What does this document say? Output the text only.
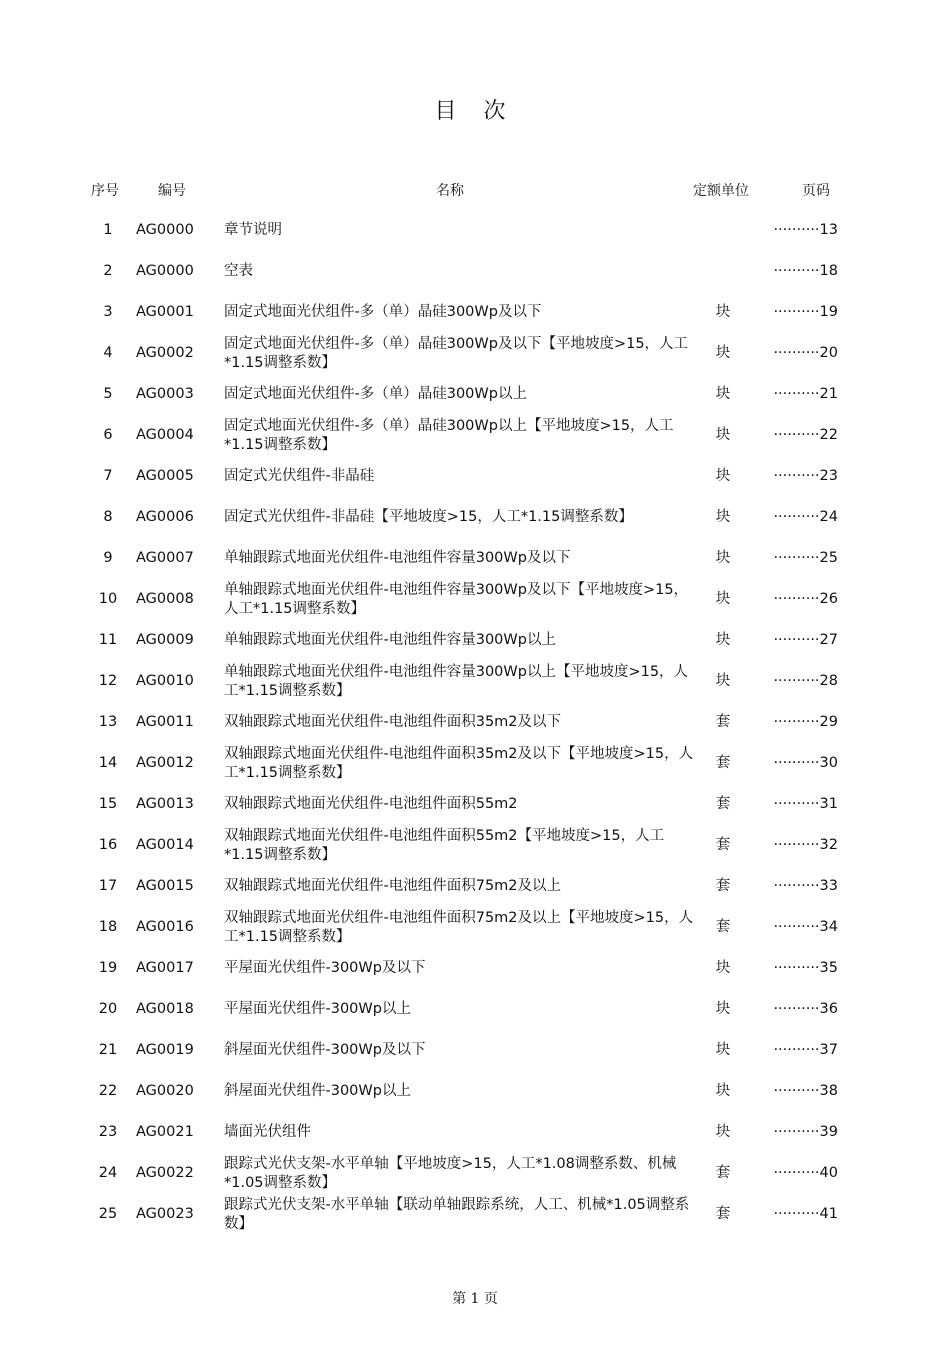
目 次
序号	编号	名称	定额单位	页码
1	AG0000	章节说明		··········13
2	AG0000	空表		··········18
3	AG0001	固定式地面光伏组件-多（单）晶硅300Wp及以下	块	··········19
4	AG0002	固定式地面光伏组件-多（单）晶硅300Wp及以下【平地坡度>15，人工*1.15调整系数】	块	··········20
5	AG0003	固定式地面光伏组件-多（单）晶硅300Wp以上	块	··········21
6	AG0004	固定式地面光伏组件-多（单）晶硅300Wp以上【平地坡度>15，人工*1.15调整系数】	块	··········22
7	AG0005	固定式光伏组件-非晶硅	块	··········23
8	AG0006	固定式光伏组件-非晶硅【平地坡度>15，人工*1.15调整系数】	块	··········24
9	AG0007	单轴跟踪式地面光伏组件-电池组件容量300Wp及以下	块	··········25
10	AG0008	单轴跟踪式地面光伏组件-电池组件容量300Wp及以下【平地坡度>15，人工*1.15调整系数】	块	··········26
11	AG0009	单轴跟踪式地面光伏组件-电池组件容量300Wp以上	块	··········27
12	AG0010	单轴跟踪式地面光伏组件-电池组件容量300Wp以上【平地坡度>15，人工*1.15调整系数】	块	··········28
13	AG0011	双轴跟踪式地面光伏组件-电池组件面积35m2及以下	套	··········29
14	AG0012	双轴跟踪式地面光伏组件-电池组件面积35m2及以下【平地坡度>15，人工*1.15调整系数】	套	··········30
15	AG0013	双轴跟踪式地面光伏组件-电池组件面积55m2	套	··········31
16	AG0014	双轴跟踪式地面光伏组件-电池组件面积55m2【平地坡度>15，人工*1.15调整系数】	套	··········32
17	AG0015	双轴跟踪式地面光伏组件-电池组件面积75m2及以上	套	··········33
18	AG0016	双轴跟踪式地面光伏组件-电池组件面积75m2及以上【平地坡度>15，人工*1.15调整系数】	套	··········34
19	AG0017	平屋面光伏组件-300Wp及以下	块	··········35
20	AG0018	平屋面光伏组件-300Wp以上	块	··········36
21	AG0019	斜屋面光伏组件-300Wp及以下	块	··········37
22	AG0020	斜屋面光伏组件-300Wp以上	块	··········38
23	AG0021	墙面光伏组件	块	··········39
24	AG0022	跟踪式光伏支架-水平单轴【平地坡度>15，人工*1.08调整系数、机械*1.05调整系数】	套	··········40
25	AG0023	跟踪式光伏支架-水平单轴【联动单轴跟踪系统，人工、机械*1.05调整系数】	套	··········41
第 1 页
